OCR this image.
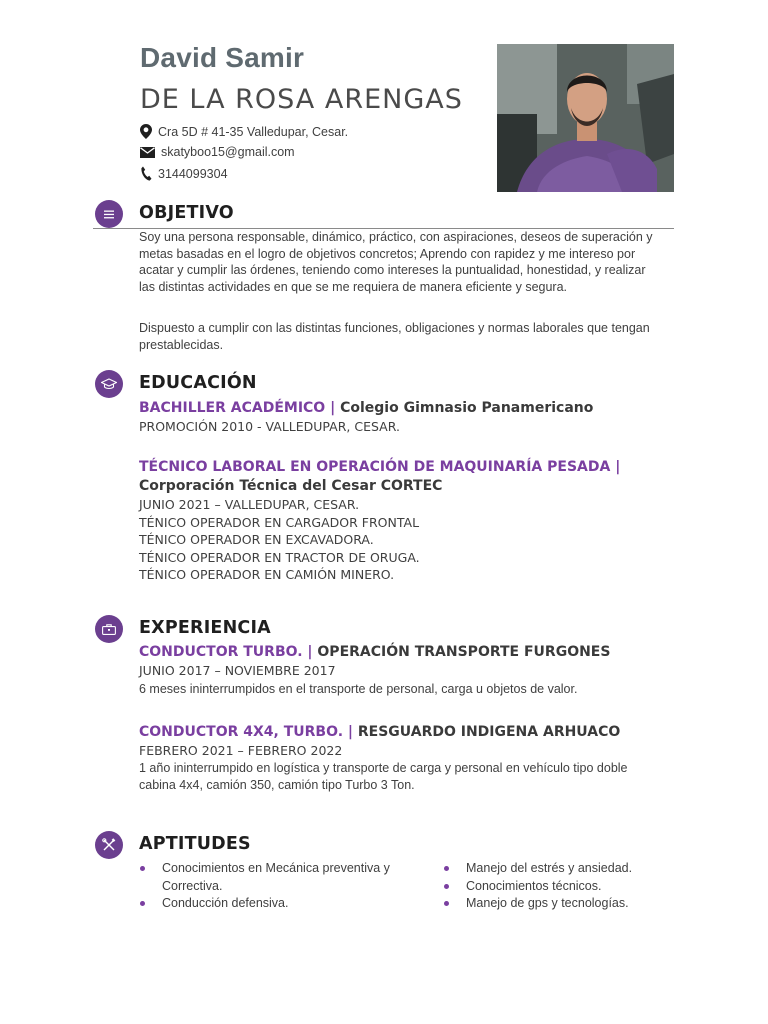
David Samir
DE LA ROSA ARENGAS
Cra 5D # 41-35 Valledupar, Cesar.
skatyboo15@gmail.com
3144099304
OBJETIVO
Soy una persona responsable, dinámico, práctico, con aspiraciones, deseos de superación y
metas basadas en el logro de objetivos concretos; Aprendo con rapidez y me intereso por
acatar y cumplir las órdenes, teniendo como intereses la puntualidad, honestidad, y realizar
las distintas actividades en que se me requiera de manera eficiente y segura.
Dispuesto a cumplir con las distintas funciones, obligaciones y normas laborales que tengan
prestablecidas.
EDUCACIÓN
BACHILLER ACADÉMICO | Colegio Gimnasio Panamericano
PROMOCIÓN 2010 - VALLEDUPAR, CESAR.
TÉCNICO LABORAL EN OPERACIÓN DE MAQUINARÍA PESADA | Corporación Técnica del Cesar CORTEC
JUNIO 2021 – VALLEDUPAR, CESAR.
TÉNICO OPERADOR EN CARGADOR FRONTAL
TÉNICO OPERADOR EN EXCAVADORA.
TÉNICO OPERADOR EN TRACTOR DE ORUGA.
TÉNICO OPERADOR EN CAMIÓN MINERO.
EXPERIENCIA
CONDUCTOR TURBO. | OPERACIÓN TRANSPORTE FURGONES
JUNIO 2017 – NOVIEMBRE 2017
6 meses ininterrumpidos en el transporte de personal, carga u objetos de valor.
CONDUCTOR 4X4, TURBO. | RESGUARDO INDIGENA ARHUACO
FEBRERO 2021 – FEBRERO 2022
1 año ininterrumpido en logística y transporte de carga y personal en vehículo tipo doble
cabina 4x4, camión 350, camión tipo Turbo 3 Ton.
APTITUDES
Conocimientos en Mecánica preventiva y
Correctiva.
Conducción defensiva.
Manejo del estrés y ansiedad.
Conocimientos técnicos.
Manejo de gps y tecnologías.
